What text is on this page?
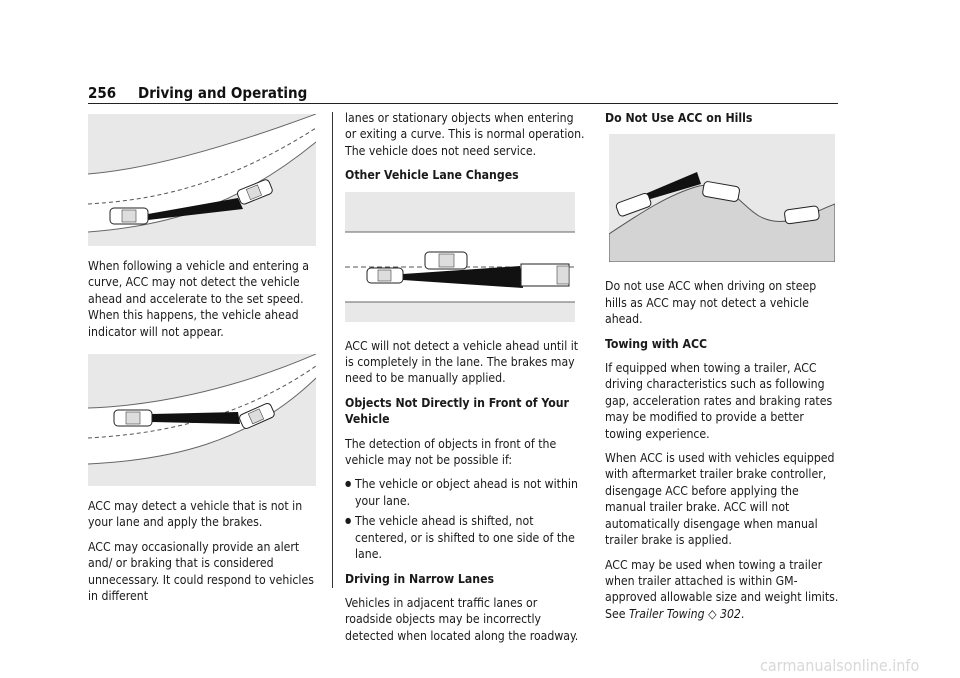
256 Driving and Operating

When following a vehicle and entering a curve, ACC may not detect the vehicle ahead and accelerate to the set speed. When this happens, the vehicle ahead indicator will not appear.

ACC may detect a vehicle that is not in your lane and apply the brakes.

ACC may occasionally provide an alert and/ or braking that is considered unnecessary. It could respond to vehicles in different

lanes or stationary objects when entering or exiting a curve. This is normal operation. The vehicle does not need service.

Other Vehicle Lane Changes

ACC will not detect a vehicle ahead until it is completely in the lane. The brakes may need to be manually applied.

Objects Not Directly in Front of Your Vehicle

The detection of objects in front of the vehicle may not be possible if:

● The vehicle or object ahead is not within your lane.
● The vehicle ahead is shifted, not centered, or is shifted to one side of the lane.

Driving in Narrow Lanes

Vehicles in adjacent traffic lanes or roadside objects may be incorrectly detected when located along the roadway.

Do Not Use ACC on Hills

Do not use ACC when driving on steep hills as ACC may not detect a vehicle ahead.

Towing with ACC

If equipped when towing a trailer, ACC driving characteristics such as following gap, acceleration rates and braking rates may be modified to provide a better towing experience.

When ACC is used with vehicles equipped with aftermarket trailer brake controller, disengage ACC before applying the manual trailer brake. ACC will not automatically disengage when manual trailer brake is applied.

ACC may be used when towing a trailer when trailer attached is within GM-approved allowable size and weight limits. See Trailer Towing ◇ 302.

carmanualsonline.info
